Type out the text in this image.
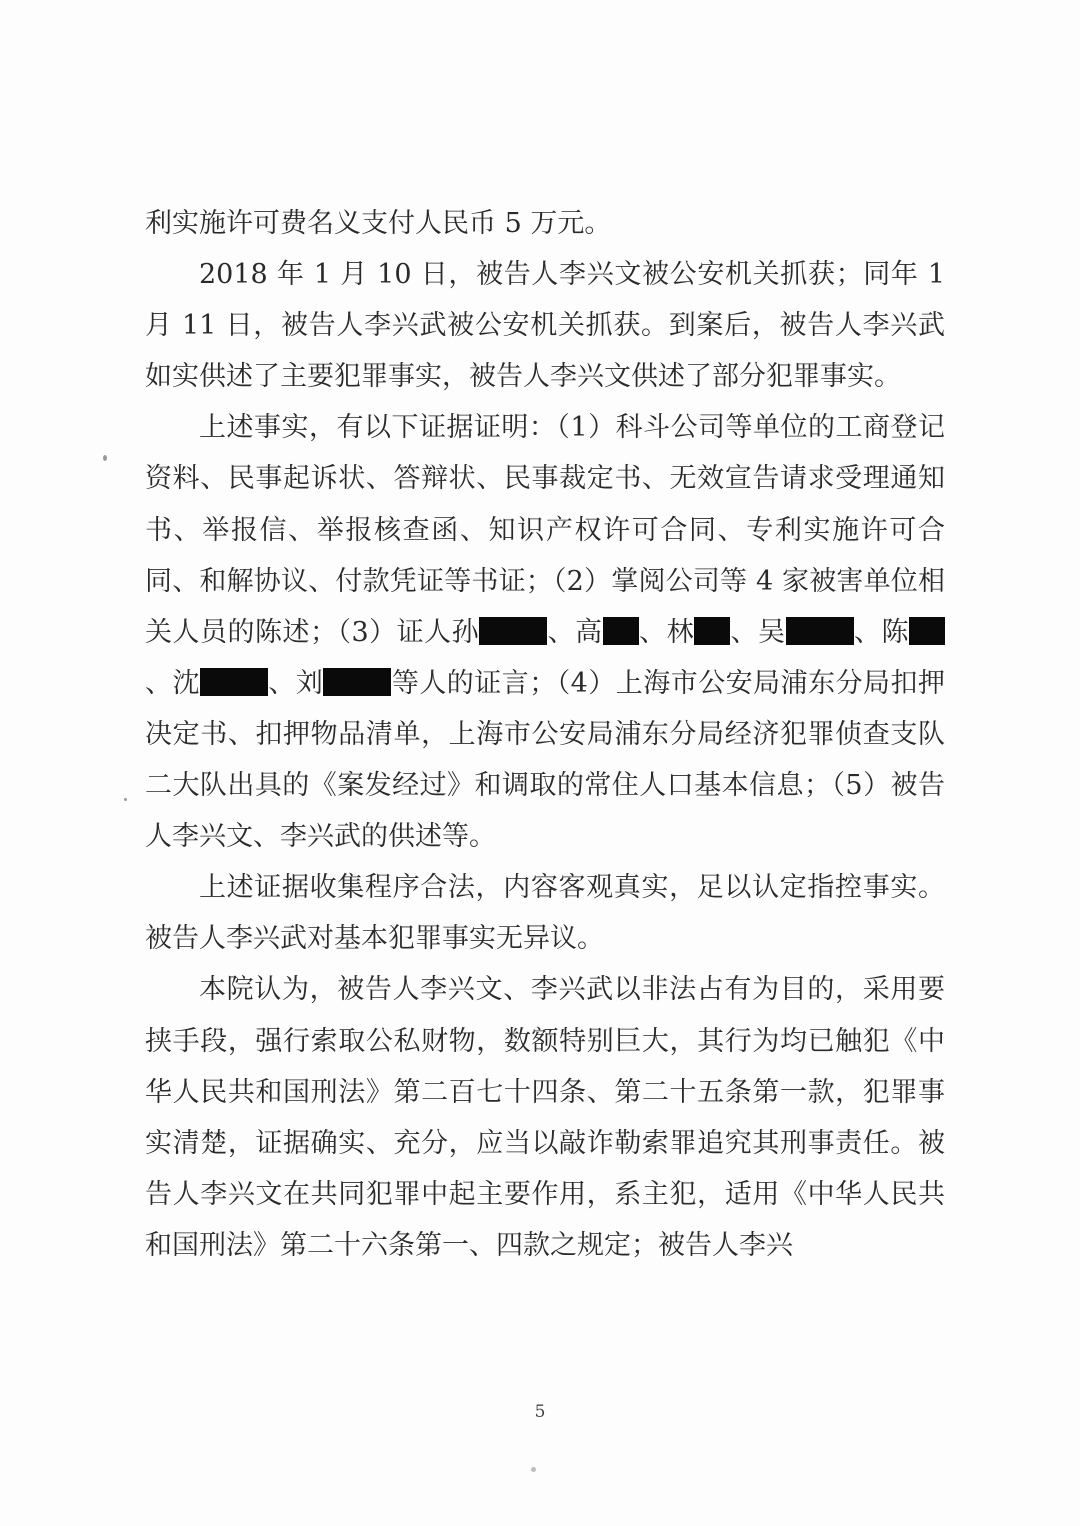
利实施许可费名义支付人民币 5 万元。

2018 年 1 月 10 日，被告人李兴文被公安机关抓获；同年 1 月 11 日，被告人李兴武被公安机关抓获。到案后，被告人李兴武如实供述了主要犯罪事实，被告人李兴文供述了部分犯罪事实。

上述事实，有以下证据证明：（1）科斗公司等单位的工商登记资料、民事起诉状、答辩状、民事裁定书、无效宣告请求受理通知书、举报信、举报核查函、知识产权许可合同、专利实施许可合同、和解协议、付款凭证等书证；（2）掌阅公司等 4 家被害单位相关人员的陈述；（3）证人孙	、高 、林 、吴	、陈、沈	、刘	等人的证言；（4）上海市公安局浦东分局扣押决定书、扣押物品清单，上海市公安局浦东分局经济犯罪侦查支队二大队出具的《案发经过》和调取的常住人口基本信息；（5）被告人李兴文、李兴武的供述等。

上述证据收集程序合法，内容客观真实，足以认定指控事实。被告人李兴武对基本犯罪事实无异议。

本院认为，被告人李兴文、李兴武以非法占有为目的，采用要挟手段，强行索取公私财物，数额特别巨大，其行为均已触犯《中华人民共和国刑法》第二百七十四条、第二十五条第一款，犯罪事实清楚，证据确实、充分，应当以敲诈勒索罪追究其刑事责任。被告人李兴文在共同犯罪中起主要作用，系主犯，适用《中华人民共和国刑法》第二十六条第一、四款之规定；被告人李兴

5
